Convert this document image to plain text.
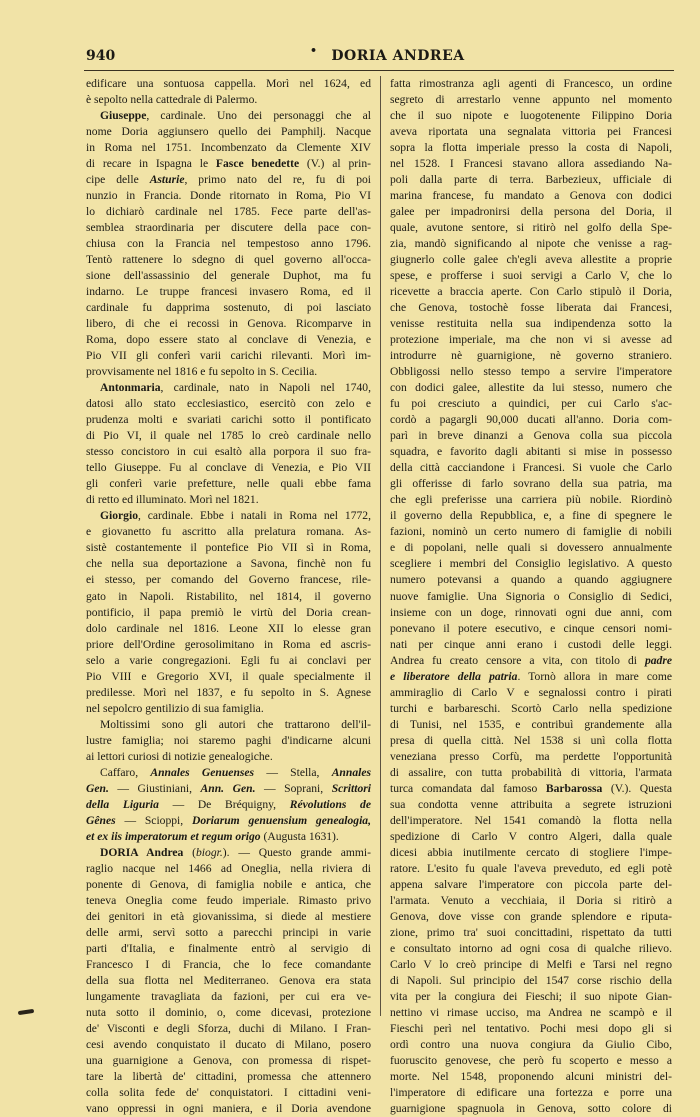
940	•	DORIA ANDREA
edificare una sontuosa cappella. Morì nel 1624, ed
è sepolto nella cattedrale di Palermo.
Giuseppe, cardinale. Uno dei personaggi che al
nome Doria aggiunsero quello dei Pamphilj. Nacque
in Roma nel 1751. Incombenzato da Clemente XIV
di recare in Ispagna le Fasce benedette (V.) al prin-
cipe delle Asturie, primo nato del re, fu di poi
nunzio in Francia. Donde ritornato in Roma, Pio VI
lo dichiarò cardinale nel 1785. Fece parte dell'as-
semblea straordinaria per discutere della pace con-
chiusa con la Francia nel tempestoso anno 1796.
Tentò rattenere lo sdegno di quel governo all'occa-
sione dell'assassinio del generale Duphot, ma fu
indarno. Le truppe francesi invasero Roma, ed il
cardinale fu dapprima sostenuto, di poi lasciato
libero, di che ei recossi in Genova. Ricomparve in
Roma, dopo essere stato al conclave di Venezia, e
Pio VII gli conferì varii carichi rilevanti. Morì im-
provvisamente nel 1816 e fu sepolto in S. Cecilia.
Antonmaria, cardinale, nato in Napoli nel 1740,
datosi allo stato ecclesiastico, esercitò con zelo e
prudenza molti e svariati carichi sotto il pontificato
di Pio VI, il quale nel 1785 lo creò cardinale nello
stesso concistoro in cui esaltò alla porpora il suo fra-
tello Giuseppe. Fu al conclave di Venezia, e Pio VII
gli conferì varie prefetture, nelle quali ebbe fama
di retto ed illuminato. Morì nel 1821.
Giorgio, cardinale. Ebbe i natali in Roma nel 1772,
e giovanetto fu ascritto alla prelatura romana. As-
sistè costantemente il pontefice Pio VII sì in Roma,
che nella sua deportazione a Savona, finchè non fu
ei stesso, per comando del Governo francese, rile-
gato in Napoli. Ristabilito, nel 1814, il governo
pontificio, il papa premiò le virtù del Doria crean-
dolo cardinale nel 1816. Leone XII lo elesse gran
priore dell'Ordine gerosolimitano in Roma ed ascris-
selo a varie congregazioni. Egli fu ai conclavi per
Pio VIII e Gregorio XVI, il quale specialmente il
predilesse. Morì nel 1837, e fu sepolto in S. Agnese
nel sepolcro gentilizio di sua famiglia.
Moltissimi sono gli autori che trattarono dell'il-
lustre famiglia; noi staremo paghi d'indicarne alcuni
ai lettori curiosi di notizie genealogiche.
Caffaro, Annales Genuenses — Stella, Annales
Gen. — Giustiniani, Ann. Gen. — Soprani, Scrittori
della Liguria — De Bréquigny, Révolutions de
Gênes — Scioppi, Doriarum genuensium genealogia,
et ex iis imperatorum et regum origo (Augusta 1631).
DORIA Andrea (biogr.). — Questo grande ammi-
raglio nacque nel 1466 ad Oneglia, nella riviera di
ponente di Genova, di famiglia nobile e antica, che
teneva Oneglia come feudo imperiale. Rimasto privo
dei genitori in età giovanissima, si diede al mestiere
delle armi, servì sotto a parecchi principi in varie
parti d'Italia, e finalmente entrò al servigio di
Francesco I di Francia, che lo fece comandante
della sua flotta nel Mediterraneo. Genova era stata
lungamente travagliata da fazioni, per cui era ve-
nuta sotto il dominio, o, come dicevasi, protezione
de' Visconti e degli Sforza, duchi di Milano. I Fran-
cesi avendo conquistato il ducato di Milano, posero
una guarnigione a Genova, con promessa di rispet-
tare la libertà de' cittadini, promessa che attennero
colla solita fede de' conquistatori. I cittadini veni-
vano oppressi in ogni maniera, e il Doria avendone
fatta rimostranza agli agenti di Francesco, un ordine
segreto di arrestarlo venne appunto nel momento
che il suo nipote e luogotenente Filippino Doria
aveva riportata una segnalata vittoria pei Francesi
sopra la flotta imperiale presso la costa di Napoli,
nel 1528. I Francesi stavano allora assediando Na-
poli dalla parte di terra. Barbezieux, ufficiale di
marina francese, fu mandato a Genova con dodici
galee per impadronirsi della persona del Doria, il
quale, avutone sentore, si ritirò nel golfo della Spe-
zia, mandò significando al nipote che venisse a rag-
giugnerlo colle galee ch'egli aveva allestite a proprie
spese, e profferse i suoi servigi a Carlo V, che lo
ricevette a braccia aperte. Con Carlo stipulò il Doria,
che Genova, tostochè fosse liberata dai Francesi,
venisse restituita nella sua indipendenza sotto la
protezione imperiale, ma che non vi si avesse ad
introdurre nè guarnigione, nè governo straniero.
Obbligossi nello stesso tempo a servire l'imperatore
con dodici galee, allestite da lui stesso, numero che
fu poi cresciuto a quindici, per cui Carlo s'ac-
cordò a pagargli 90,000 ducati all'anno. Doria com-
parì in breve dinanzi a Genova colla sua piccola
squadra, e favorito dagli abitanti si mise in possesso
della città cacciandone i Francesi. Si vuole che Carlo
gli offerisse di farlo sovrano della sua patria, ma
che egli preferisse una carriera più nobile. Riordinò
il governo della Repubblica, e, a fine di spegnere le
fazioni, nominò un certo numero di famiglie di nobili
e di popolani, nelle quali si dovessero annualmente
scegliere i membri del Consiglio legislativo. A questo
numero potevansi a quando a quando aggiugnere
nuove famiglie. Una Signoria o Consiglio di Sedici,
insieme con un doge, rinnovati ogni due anni, com
ponevano il potere esecutivo, e cinque censori nomi-
nati per cinque anni erano i custodi delle leggi.
Andrea fu creato censore a vita, con titolo di padre
e liberatore della patria. Tornò allora in mare come
ammiraglio di Carlo V e segnalossi contro i pirati
turchi e barbareschi. Scortò Carlo nella spedizione
di Tunisi, nel 1535, e contribuì grandemente alla
presa di quella città. Nel 1538 si unì colla flotta
veneziana presso Corfù, ma perdette l'opportunità
di assalire, con tutta probabilità di vittoria, l'armata
turca comandata dal famoso Barbarossa (V.). Questa
sua condotta venne attribuita a segrete istruzioni
dell'imperatore. Nel 1541 comandò la flotta nella
spedizione di Carlo V contro Algeri, dalla quale
dicesi abbia inutilmente cercato di stogliere l'impe-
ratore. L'esito fu quale l'aveva preveduto, ed egli potè
appena salvare l'imperatore con piccola parte del-
l'armata. Venuto a vecchiaia, il Doria si ritirò a
Genova, dove visse con grande splendore e riputa-
zione, primo tra' suoi concittadini, rispettato da tutti
e consultato intorno ad ogni cosa di qualche rilievo.
Carlo V lo creò principe di Melfi e Tarsi nel regno
di Napoli. Sul principio del 1547 corse rischio della
vita per la congiura dei Fieschi; il suo nipote Gian-
nettino vi rimase ucciso, ma Andrea ne scampò e il
Fieschi perì nel tentativo. Pochi mesi dopo gli si
ordì contro una nuova congiura da Giulio Cibo,
fuoruscito genovese, che però fu scoperto e messo a
morte. Nel 1548, proponendo alcuni ministri del-
l'imperatore di edificare una fortezza e porre una
guarnigione spagnuola in Genova, sotto colore di
